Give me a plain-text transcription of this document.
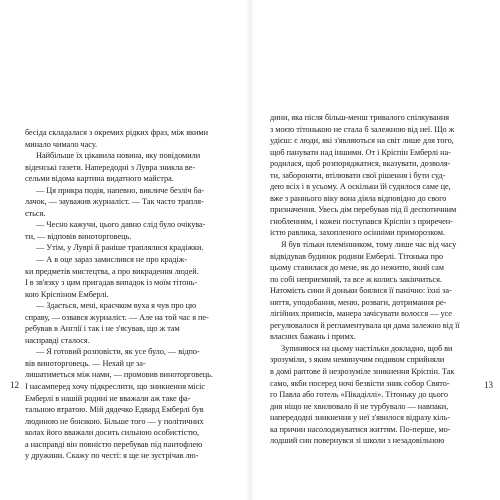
бесіда складалася з окремих рідких фраз, між якими
минало чимало часу.
Найбільше їх цікавила новина, яку повідомили
віденські газети. Напередодні з Лувра зникла ве-
сельми відома картина видатного майстра.
— Ця прикра подія, напевно, викличе безліч ба-
лачок, — зауважив журналіст. — Так часто трапля-
ється.
— Чесно кажучи, цього давно слід було очікува-
ти, — відповів виноторговець.
— Утім, у Луврі й раніше траплялися крадіжки.
— А в оце зараз замислився не про крадіж-
ки предметів мистецтва, а про викрадення людей.
І в зв'язку з цим пригадав випадок із моїм тітонь-
кою Кріспіном Емберлі.
— Здається, мені, красчком вуха я чув про цю
справу, — озвався журналіст. — Але на той час я пе-
ребував в Англії і так і не з'ясував, що ж там
насправді сталося.
— Я готовий розповісти, як усе було, — відпо-
вів виноторговець. — Нехай це за-
лишатиметься між нами, — промовив виноторговець.
І насамперед хочу підкреслити, що зникнення місіс
Емберлі в нашій родині не вважали аж таке фа-
тальною втратою. Мій дядечко Едвард Емберлі був
людиною не бонзкою. Більше того — у політичних
колах його вважали досить сильною особистістю,
а насправді він повністю перебував під пантофлею
у дружини. Скажу по честі: я ще не зустрічав лю-
12
дини, яка після більш-менш тривалого спілкування
з моєю тітонькою не стала б залежною від неї. Що ж
удієш: є люди, які з'являються на світ лише для того,
щоб панувати над іншими. От і Кріспін Емберлі на-
родилася, щоб розпоряджатися, вказувати, дозволя-
ти, забороняти, втілювати свої рішення і бути суд-
дею всіх і в усьому. А оскільки їй судилося саме це,
вже з раннього віку вона діяла відповідно до свого
призначення. Увесь дім перебував під її деспотичним
гнобленням, і кожен поступався Кріспін з приречен-
істю равлика, захопленого осінніми приморозком.
Я був тільки племінником, тому лише час від часу
відвідував будинок родини Емберлі. Тітонька про
цьому ставилася до мене, як до нежитю, який сам
по собі неприємний, та все ж колись закінчиться.
Натомість сини й доньки боялися її панічно: їхні за-
няття, уподобання, меню, розваги, дотримання ре-
лігійних приписів, манера зачісувати волосся — усе
регулювалося й регламентувала ця дама залежно від її
власних бажань і примх.
Зупиняюся на цьому настільки докладно, щоб ви
зрозуміли, з яким неминучим подивом сприйняли
в домі раптове й незрозуміле зникнення Кріспін. Так
само, якби посеред ночі безвісти зник собор Свято-
го Павла або готель «Пікаділлі». Тітоньку до цього
дня ніщо не хвилювало й не турбувало — навпаки,
напередодні зникнення у неї з'явилося відразу кіль-
ка причин насолоджуватися життям. По-перше, мо-
лодший син повернувся зі школи з незадовільною
13
